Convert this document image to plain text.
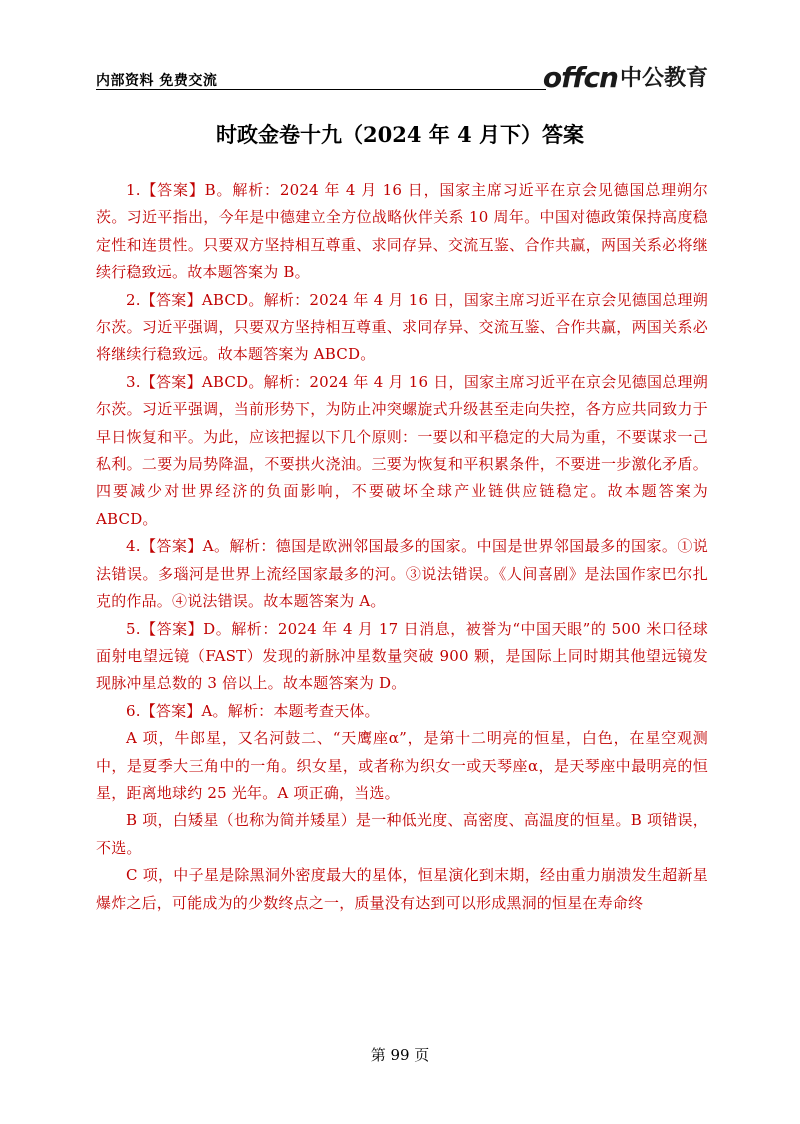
内部资料 免费交流	offcn 中公教育
时政金卷十九（2024 年 4 月下）答案

1.【答案】B。解析：2024 年 4 月 16 日，国家主席习近平在京会见德国总理朔尔茨。习近平指出，今年是中德建立全方位战略伙伴关系 10 周年。中国对德政策保持高度稳定性和连贯性。只要双方坚持相互尊重、求同存异、交流互鉴、合作共赢，两国关系必将继续行稳致远。故本题答案为 B。

2.【答案】ABCD。解析：2024 年 4 月 16 日，国家主席习近平在京会见德国总理朔尔茨。习近平强调，只要双方坚持相互尊重、求同存异、交流互鉴、合作共赢，两国关系必将继续行稳致远。故本题答案为 ABCD。

3.【答案】ABCD。解析：2024 年 4 月 16 日，国家主席习近平在京会见德国总理朔尔茨。习近平强调，当前形势下，为防止冲突螺旋式升级甚至走向失控，各方应共同致力于早日恢复和平。为此，应该把握以下几个原则：一要以和平稳定的大局为重，不要谋求一己私利。二要为局势降温，不要拱火浇油。三要为恢复和平积累条件，不要进一步激化矛盾。四要减少对世界经济的负面影响，不要破坏全球产业链供应链稳定。故本题答案为 ABCD。

4.【答案】A。解析：德国是欧洲邻国最多的国家。中国是世界邻国最多的国家。①说法错误。多瑙河是世界上流经国家最多的河。③说法错误。《人间喜剧》是法国作家巴尔扎克的作品。④说法错误。故本题答案为 A。

5.【答案】D。解析：2024 年 4 月 17 日消息，被誉为“中国天眼”的 500 米口径球面射电望远镜（FAST）发现的新脉冲星数量突破 900 颗，是国际上同时期其他望远镜发现脉冲星总数的 3 倍以上。故本题答案为 D。

6.【答案】A。解析：本题考查天体。

A 项，牛郎星，又名河鼓二、“天鹰座α”，是第十二明亮的恒星，白色，在星空观测中，是夏季大三角中的一角。织女星，或者称为织女一或天琴座α，是天琴座中最明亮的恒星，距离地球约 25 光年。A 项正确，当选。

B 项，白矮星（也称为简并矮星）是一种低光度、高密度、高温度的恒星。B 项错误，不选。

C 项，中子星是除黑洞外密度最大的星体，恒星演化到末期，经由重力崩溃发生超新星爆炸之后，可能成为的少数终点之一，质量没有达到可以形成黑洞的恒星在寿命终

第 99 页
